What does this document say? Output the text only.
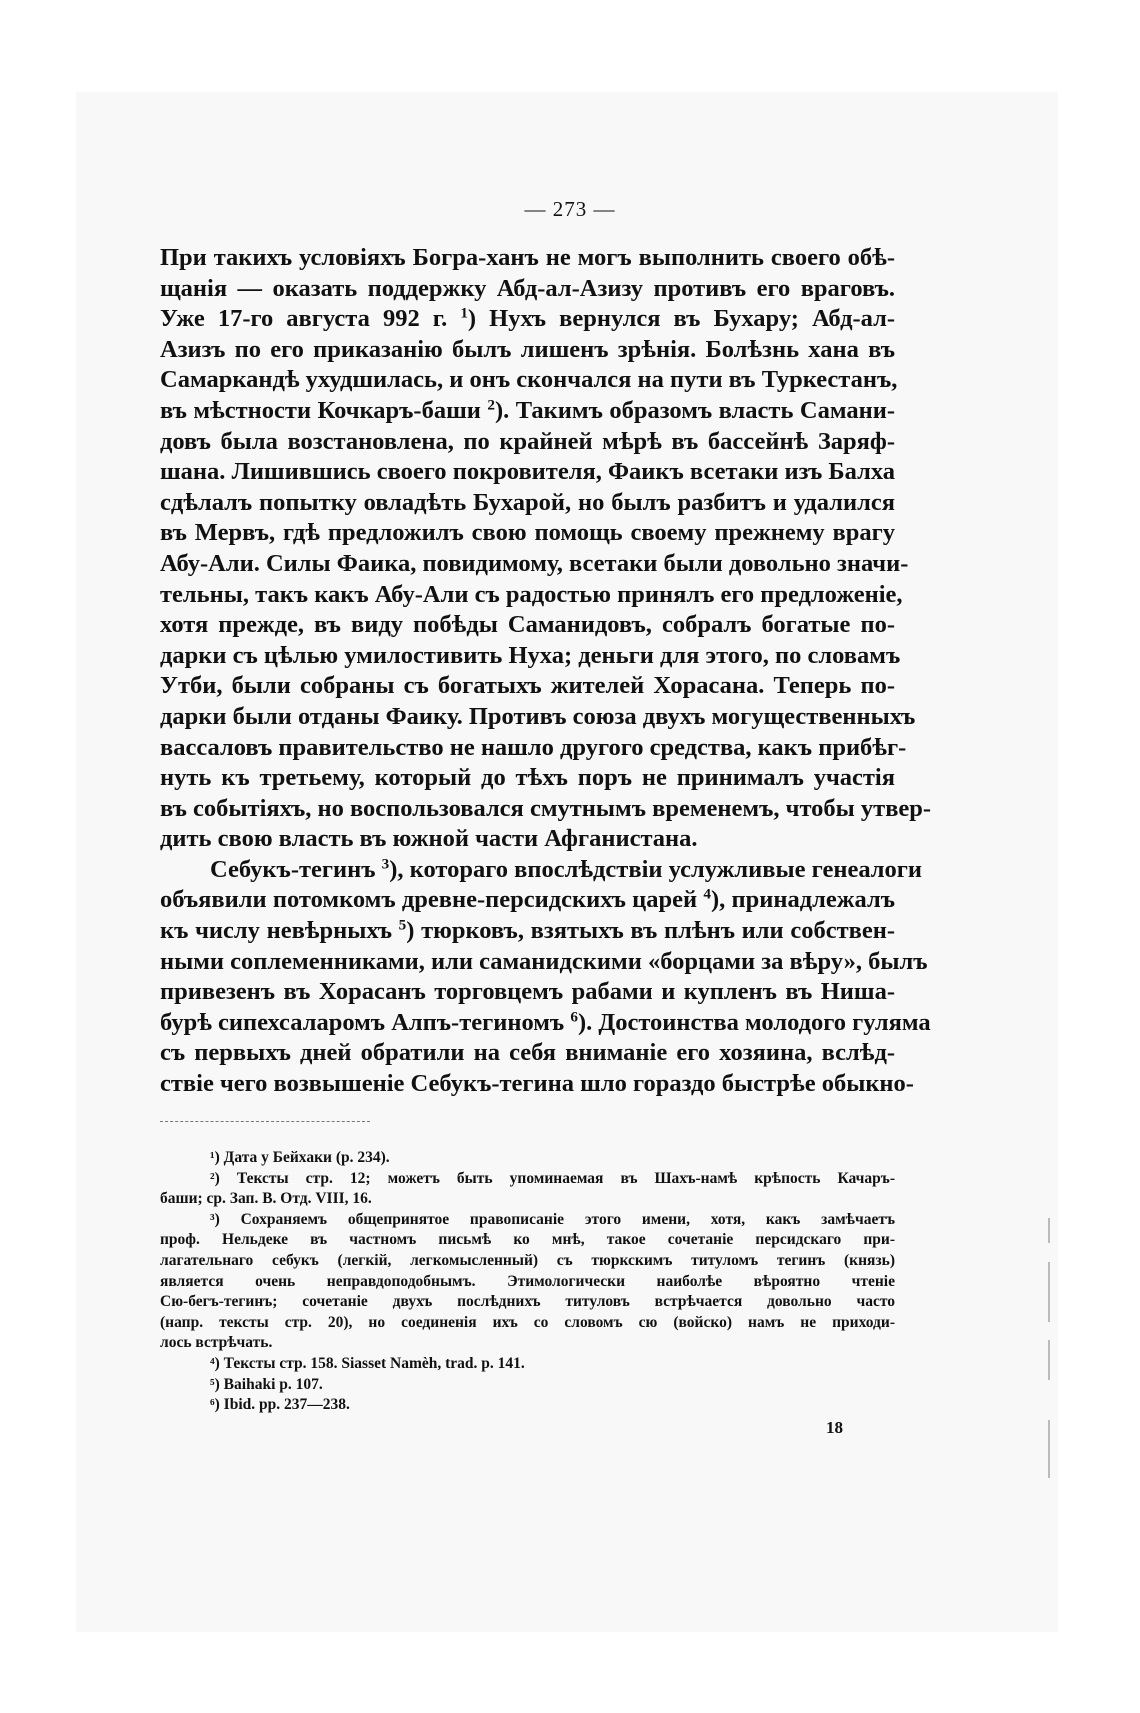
— 273 —
При такихъ условіяхъ Богра-ханъ не могъ выполнить своего обѣ-
щанія — оказать поддержку Абд-ал-Азизу противъ его враговъ.
Уже 17-го августа 992 г. $^1$) Нухъ вернулся въ Бухару; Абд-ал-
Азизъ по его приказанію былъ лишенъ зрѣнія. Болѣзнь хана въ
Самаркандѣ ухудшилась, и онъ скончался на пути въ Туркестанъ,
въ мѣстности Кочкаръ-баши $^2$). Такимъ образомъ власть Самани-
довъ была возстановлена, по крайней мѣрѣ въ бассейнѣ Заряф-
шана. Лишившись своего покровителя, Фаикъ всетаки изъ Балха
сдѣлалъ попытку овладѣть Бухарой, но былъ разбитъ и удалился
въ Мервъ, гдѣ предложилъ свою помощь своему прежнему врагу
Абу-Али. Силы Фаика, повидимому, всетаки были довольно значи-
тельны, такъ какъ Абу-Али съ радостью принялъ его предложеніе,
хотя прежде, въ виду побѣды Саманидовъ, собралъ богатые по-
дарки съ цѣлью умилостивить Нуха; деньги для этого, по словамъ
Утби, были собраны съ богатыхъ жителей Хорасана. Теперь по-
дарки были отданы Фаику. Противъ союза двухъ могущественныхъ
вассаловъ правительство не нашло другого средства, какъ прибѣг-
нуть къ третьему, который до тѣхъ поръ не принималъ участія
въ событіяхъ, но воспользовался смутнымъ временемъ, чтобы утвер-
дить свою власть въ южной части Афганистана.
Себукъ-тегинъ $^3$), котораго впослѣдствіи услужливые генеалоги
объявили потомкомъ древне-персидскихъ царей $^4$), принадлежалъ
къ числу невѣрныхъ $^5$) тюрковъ, взятыхъ въ плѣнъ или собствен-
ными соплеменниками, или саманидскими «борцами за вѣру», былъ
привезенъ въ Хорасанъ торговцемъ рабами и купленъ въ Ниша-
бурѣ сипехсаларомъ Алпъ-тегиномъ $^6$). Достоинства молодого гуляма
съ первыхъ дней обратили на себя вниманіе его хозяина, вслѣд-
ствіе чего возвышеніе Себукъ-тегина шло гораздо быстрѣе обыкно-
¹) Дата у Бейхаки (р. 234).
²) Тексты стр. 12; можетъ быть упоминаемая въ Шахъ-намѣ крѣпость Качаръ-
баши; ср. Зап. В. Отд. VIII, 16.
³) Сохраняемъ общепринятое правописаніе этого имени, хотя, какъ замѣчаетъ
проф. Нельдеке въ частномъ письмѣ ко мнѣ, такое сочетаніе персидскаго при-
лагательнаго себукъ (легкій, легкомысленный) съ тюркскимъ титуломъ тегинъ (князь)
является очень неправдоподобнымъ. Этимологически наиболѣе вѣроятно чтеніе
Сю-бегъ-тегинъ; сочетаніе двухъ послѣднихъ титуловъ встрѣчается довольно часто
(напр. тексты стр. 20), но соединенія ихъ со словомъ сю (войско) намъ не приходи-
лось встрѣчать.
⁴) Тексты стр. 158. Siasset Namèh, trad. p. 141.
⁵) Baihaki p. 107.
⁶) Ibid. pp. 237—238.
18
